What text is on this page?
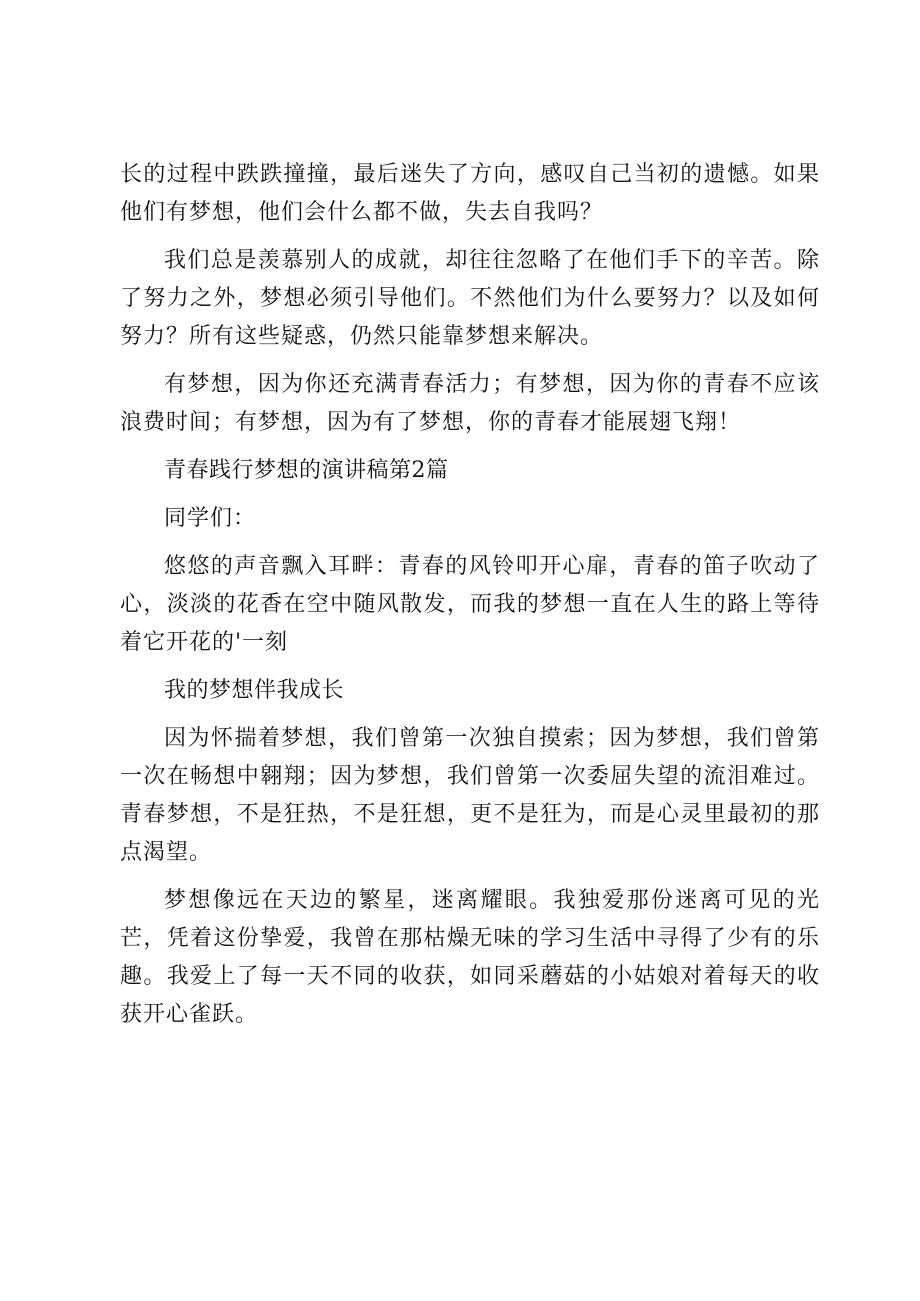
长的过程中跌跌撞撞，最后迷失了方向，感叹自己当初的遗憾。如果他们有梦想，他们会什么都不做，失去自我吗？

我们总是羡慕别人的成就，却往往忽略了在他们手下的辛苦。除了努力之外，梦想必须引导他们。不然他们为什么要努力？以及如何努力？所有这些疑惑，仍然只能靠梦想来解决。

有梦想，因为你还充满青春活力；有梦想，因为你的青春不应该浪费时间；有梦想，因为有了梦想，你的青春才能展翅飞翔！

青春践行梦想的演讲稿第2篇

同学们：

悠悠的声音飘入耳畔：青春的风铃叩开心扉，青春的笛子吹动了心，淡淡的花香在空中随风散发，而我的梦想一直在人生的路上等待着它开花的'一刻

我的梦想伴我成长

因为怀揣着梦想，我们曾第一次独自摸索；因为梦想，我们曾第一次在畅想中翱翔；因为梦想，我们曾第一次委屈失望的流泪难过。青春梦想，不是狂热，不是狂想，更不是狂为，而是心灵里最初的那点渴望。

梦想像远在天边的繁星，迷离耀眼。我独爱那份迷离可见的光芒，凭着这份挚爱，我曾在那枯燥无味的学习生活中寻得了少有的乐趣。我爱上了每一天不同的收获，如同采蘑菇的小姑娘对着每天的收获开心雀跃。
